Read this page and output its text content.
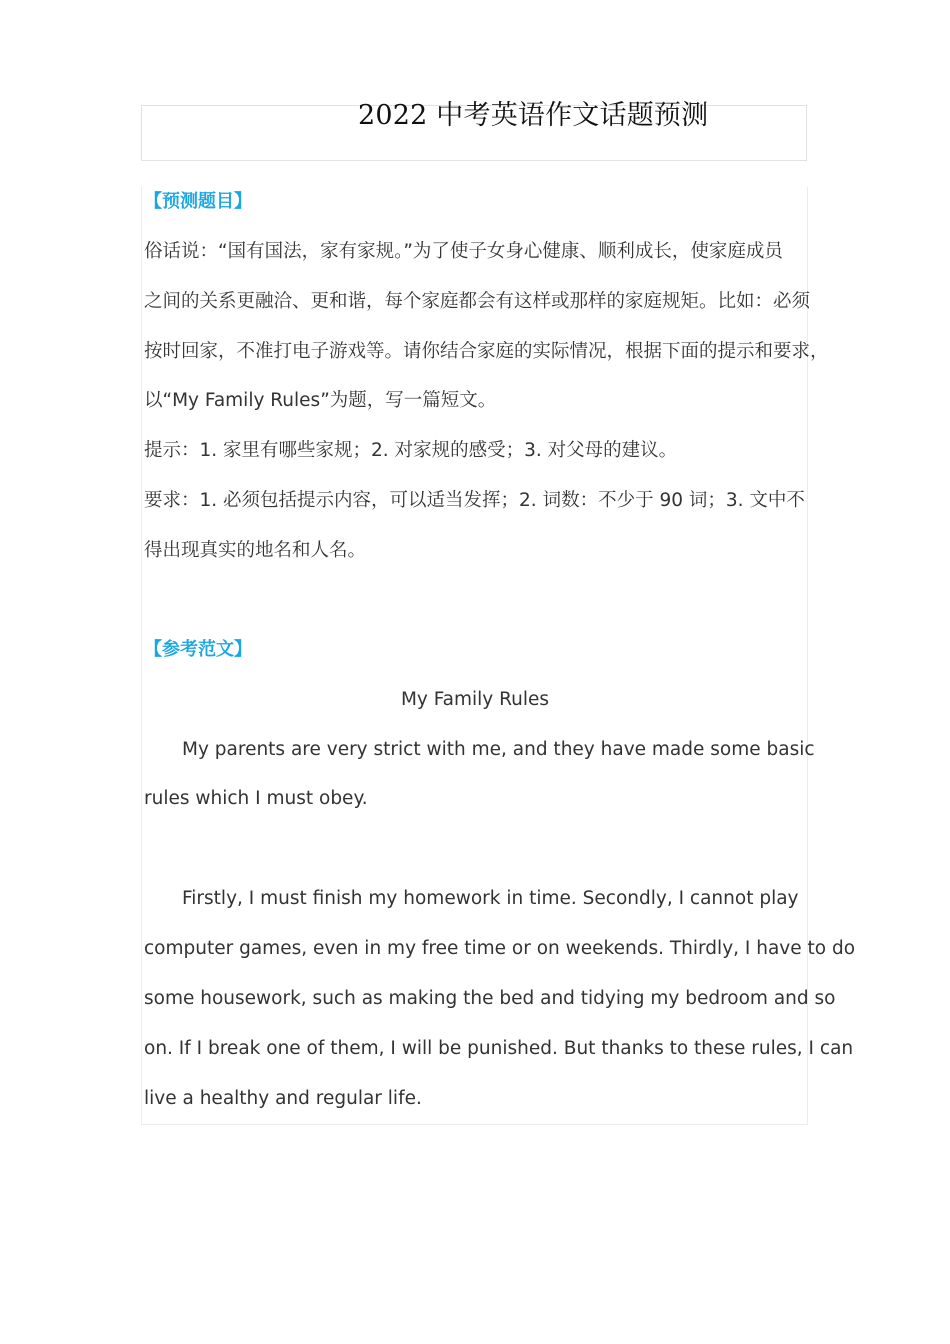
2022 中考英语作文话题预测
【预测题目】
俗话说：“国有国法，家有家规。”为了使子女身心健康、顺利成长，使家庭成员
之间的关系更融洽、更和谐，每个家庭都会有这样或那样的家庭规矩。比如：必须
按时回家，不准打电子游戏等。请你结合家庭的实际情况，根据下面的提示和要求，
以“My Family Rules”为题，写一篇短文。
提示：1. 家里有哪些家规；2. 对家规的感受；3. 对父母的建议。
要求：1. 必须包括提示内容，可以适当发挥；2. 词数：不少于 90 词；3. 文中不
得出现真实的地名和人名。
【参考范文】
My Family Rules
My parents are very strict with me, and they have made some basic
rules which I must obey.
Firstly, I must finish my homework in time. Secondly, I cannot play
computer games, even in my free time or on weekends. Thirdly, I have to do
some housework, such as making the bed and tidying my bedroom and so
on. If I break one of them, I will be punished. But thanks to these rules, I can
live a healthy and regular life.
